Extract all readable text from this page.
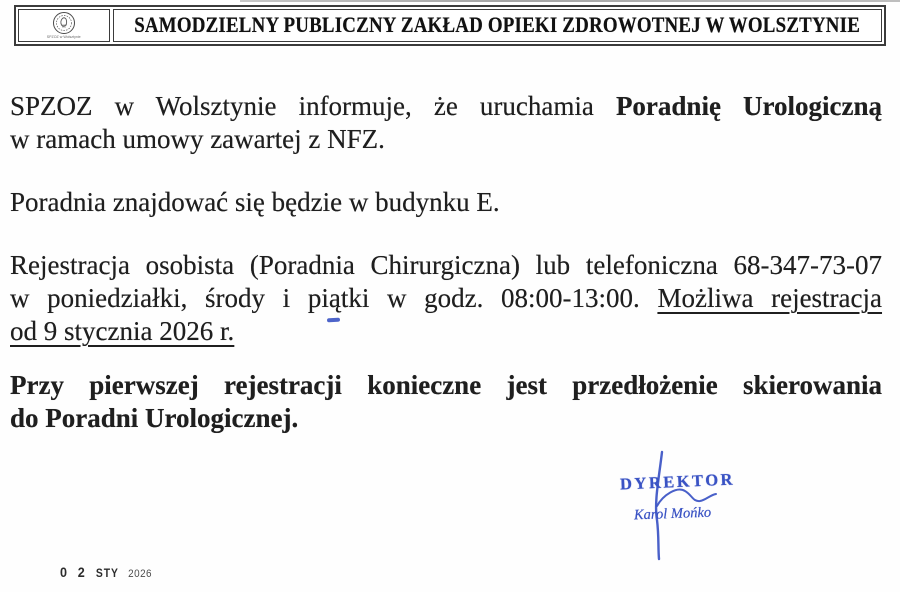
SPZOZ w Wolsztynie	SAMODZIELNY PUBLICZNY ZAKŁAD OPIEKI ZDROWOTNEJ W WOLSZTYNIE
SPZOZ w Wolsztynie informuje, że uruchamia Poradnię Urologiczną
w ramach umowy zawartej z NFZ.
Poradnia znajdować się będzie w budynku E.
Rejestracja osobista (Poradnia Chirurgiczna) lub telefoniczna 68-347-73-07
w poniedziałki, środy i piątki w godz. 08:00-13:00. Możliwa rejestracja
od 9 stycznia 2026 r.
Przy pierwszej rejestracji konieczne jest przedłożenie skierowania
do Poradni Urologicznej.
DYREKTOR
Karol Mońko
0 2 STY 2026
